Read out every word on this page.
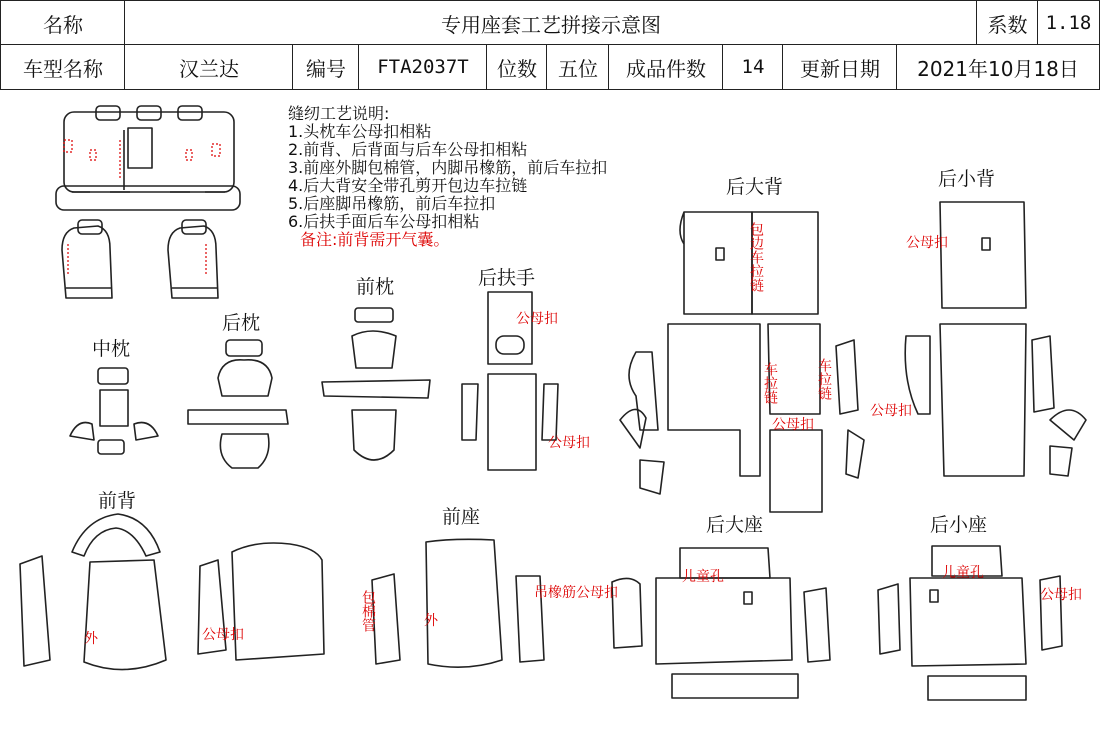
名称	专用座套工艺拼接示意图	系数 1.18
车型名称	汉兰达	编号	FTA2037T	位数	五位	成品件数	14	更新日期	2021年10月18日
缝纫工艺说明:
1.头枕车公母扣相粘
2.前背、后背面与后车公母扣相粘
3.前座外脚包棉管，内脚吊橡筋，前后车拉扣
4.后大背安全带孔剪开包边车拉链
5.后座脚吊橡筋，前后车拉扣
6.后扶手面后车公母扣相粘
备注:前背需开气囊。
中枕
后枕
前枕	后扶手
后大背	后小背
前背
前座	后大座	后小座
公母扣
公母扣
包边车拉链
车拉链	车拉链
公母扣
公母扣
公母扣
外	公母扣
包棉管	外
吊橡筋公母扣
儿童孔	儿童孔
公母扣
